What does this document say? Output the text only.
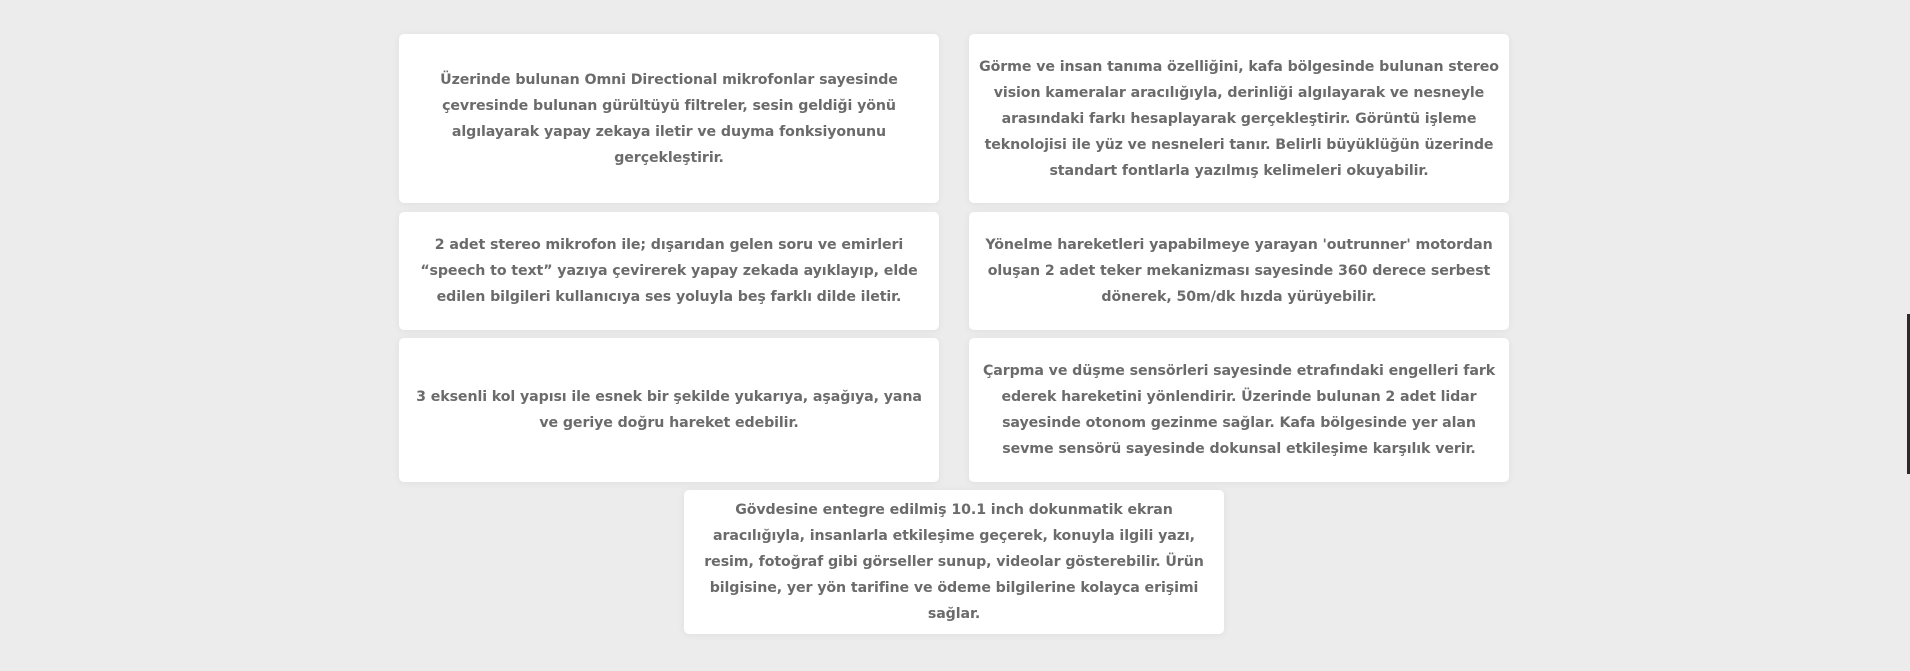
Üzerinde bulunan Omni Directional mikrofonlar sayesinde çevresinde bulunan gürültüyü filtreler, sesin geldiği yönü algılayarak yapay zekaya iletir ve duyma fonksiyonunu gerçekleştirir.

Görme ve insan tanıma özelliğini, kafa bölgesinde bulunan stereo vision kameralar aracılığıyla, derinliği algılayarak ve nesneyle arasındaki farkı hesaplayarak gerçekleştirir. Görüntü işleme teknolojisi ile yüz ve nesneleri tanır. Belirli büyüklüğün üzerinde standart fontlarla yazılmış kelimeleri okuyabilir.

2 adet stereo mikrofon ile; dışarıdan gelen soru ve emirleri “speech to text” yazıya çevirerek yapay zekada ayıklayıp, elde edilen bilgileri kullanıcıya ses yoluyla beş farklı dilde iletir.

Yönelme hareketleri yapabilmeye yarayan 'outrunner' motordan oluşan 2 adet teker mekanizması sayesinde 360 derece serbest dönerek, 50m/dk hızda yürüyebilir.

3 eksenli kol yapısı ile esnek bir şekilde yukarıya, aşağıya, yana ve geriye doğru hareket edebilir.

Çarpma ve düşme sensörleri sayesinde etrafındaki engelleri fark ederek hareketini yönlendirir. Üzerinde bulunan 2 adet lidar sayesinde otonom gezinme sağlar. Kafa bölgesinde yer alan sevme sensörü sayesinde dokunsal etkileşime karşılık verir.

Gövdesine entegre edilmiş 10.1 inch dokunmatik ekran aracılığıyla, insanlarla etkileşime geçerek, konuyla ilgili yazı, resim, fotoğraf gibi görseller sunup, videolar gösterebilir. Ürün bilgisine, yer yön tarifine ve ödeme bilgilerine kolayca erişimi sağlar.
